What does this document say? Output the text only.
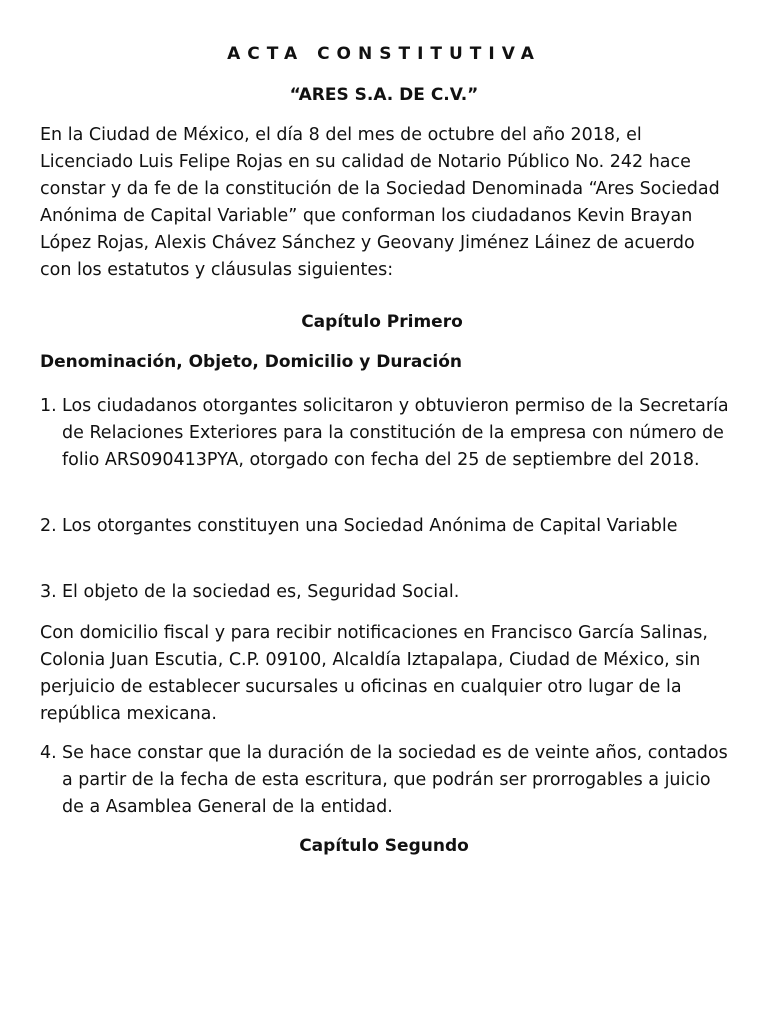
ACTA CONSTITUTIVA
“ARES S.A. DE C.V.”

En la Ciudad de México, el día 8 del mes de octubre del año 2018, el Licenciado Luis Felipe Rojas en su calidad de Notario Público No. 242 hace constar y da fe de la constitución de la Sociedad Denominada “Ares Sociedad Anónima de Capital Variable” que conforman los ciudadanos Kevin Brayan López Rojas, Alexis Chávez Sánchez y Geovany Jiménez Láinez de acuerdo con los estatutos y cláusulas siguientes:

Capítulo Primero
Denominación, Objeto, Domicilio y Duración
1. Los ciudadanos otorgantes solicitaron y obtuvieron permiso de la Secretaría de Relaciones Exteriores para la constitución de la empresa con número de folio ARS090413PYA, otorgado con fecha del 25 de septiembre del 2018.
2. Los otorgantes constituyen una Sociedad Anónima de Capital Variable
3. El objeto de la sociedad es, Seguridad Social.

Con domicilio fiscal y para recibir notificaciones en Francisco García Salinas, Colonia Juan Escutia, C.P. 09100, Alcaldía Iztapalapa, Ciudad de México, sin perjuicio de establecer sucursales u oficinas en cualquier otro lugar de la república mexicana.

4. Se hace constar que la duración de la sociedad es de veinte años, contados a partir de la fecha de esta escritura, que podrán ser prorrogables a juicio de a Asamblea General de la entidad.
Capítulo Segundo
